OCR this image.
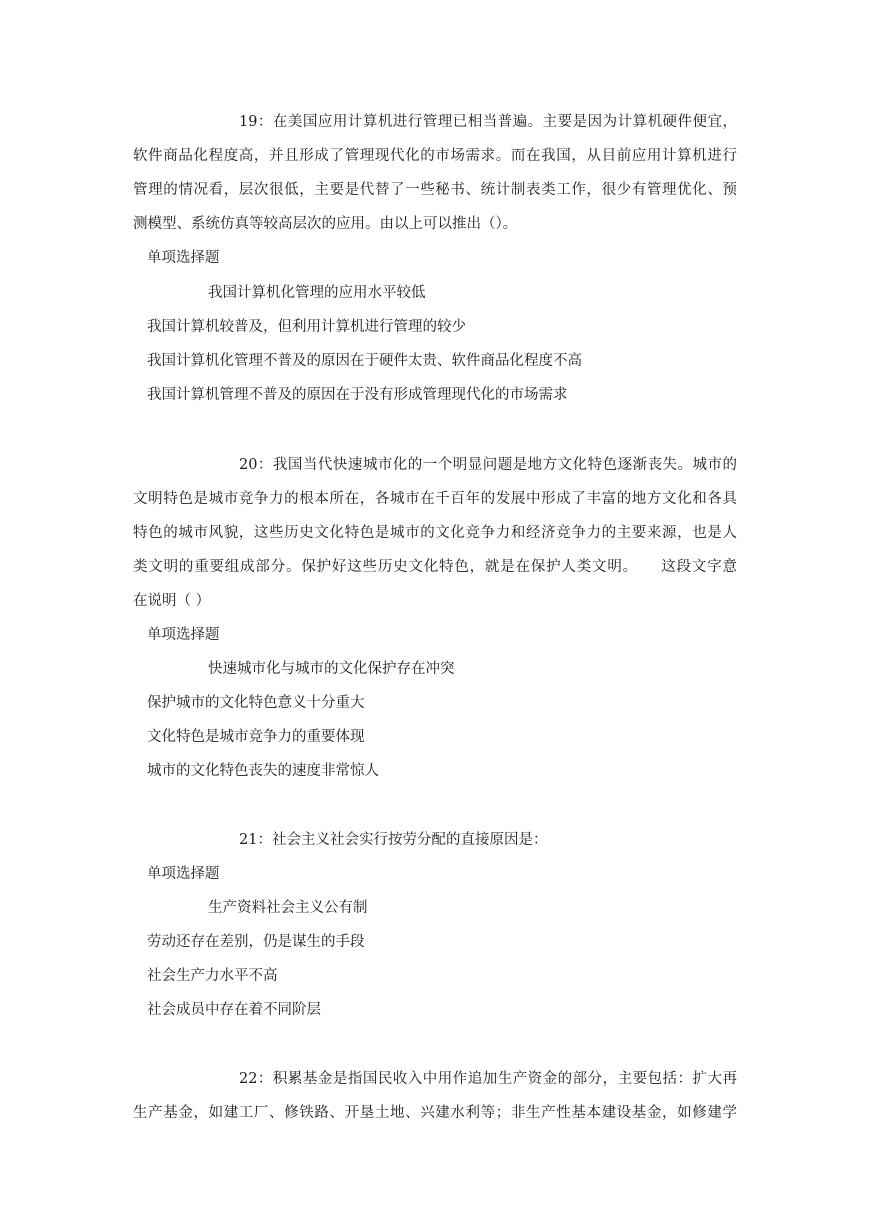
19：在美国应用计算机进行管理已相当普遍。主要是因为计算机硬件便宜，
软件商品化程度高，并且形成了管理现代化的市场需求。而在我国，从目前应用计算机进行
管理的情况看，层次很低，主要是代替了一些秘书、统计制表类工作，很少有管理优化、预
测模型、系统仿真等较高层次的应用。由以上可以推出（）。
单项选择题
我国计算机化管理的应用水平较低
我国计算机较普及，但利用计算机进行管理的较少
我国计算机化管理不普及的原因在于硬件太贵、软件商品化程度不高
我国计算机管理不普及的原因在于没有形成管理现代化的市场需求
20：我国当代快速城市化的一个明显问题是地方文化特色逐渐丧失。城市的
文明特色是城市竞争力的根本所在，各城市在千百年的发展中形成了丰富的地方文化和各具
特色的城市风貌，这些历史文化特色是城市的文化竞争力和经济竞争力的主要来源，也是人
类文明的重要组成部分。保护好这些历史文化特色，就是在保护人类文明。　　这段文字意
在说明（ ）
单项选择题
快速城市化与城市的文化保护存在冲突
保护城市的文化特色意义十分重大
文化特色是城市竞争力的重要体现
城市的文化特色丧失的速度非常惊人
21：社会主义社会实行按劳分配的直接原因是：
单项选择题
生产资料社会主义公有制
劳动还存在差别，仍是谋生的手段
社会生产力水平不高
社会成员中存在着不同阶层
22：积累基金是指国民收入中用作追加生产资金的部分，主要包括：扩大再
生产基金，如建工厂、修铁路、开垦土地、兴建水利等；非生产性基本建设基金，如修建学
